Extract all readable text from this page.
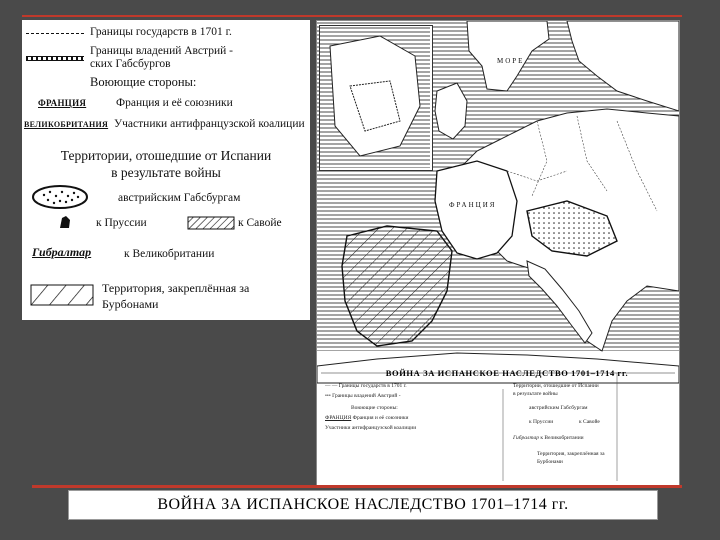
Границы государств в 1701 г.
Границы владений Австрий -
ских Габсбургов
Воюющие стороны:
ФРАНЦИЯ	Франция и её союзники
ВЕЛИКОБРИТАНИЯ Участники антифранцузской коалиции
Территории, отошедшие от Испании
в результате войны
австрийским Габсбургам
к Пруссии	к Савойе
Гибралтар	к Великобритании
Территория, закреплённая за
Бурбонами
МОРЕ
ФРАНЦИЯ
ВОЙНА ЗА ИСПАНСКОЕ НАСЛЕДСТВО 1701–1714 гг.
— — Границы государств в 1701 г.
••• Границы владений Австрий -
Воюющие стороны:
ФРАНЦИЯ Франция и её союзники
Участники антифранцузской коалиции
Территории, отошедшие от Испании
в результате войны
австрийским Габсбургам
к Пруссии	к Савойе
Гибралтар к Великобритании
Территория, закреплённая за
Бурбонами
ВОЙНА ЗА ИСПАНСКОЕ НАСЛЕДСТВО 1701–1714 гг.
